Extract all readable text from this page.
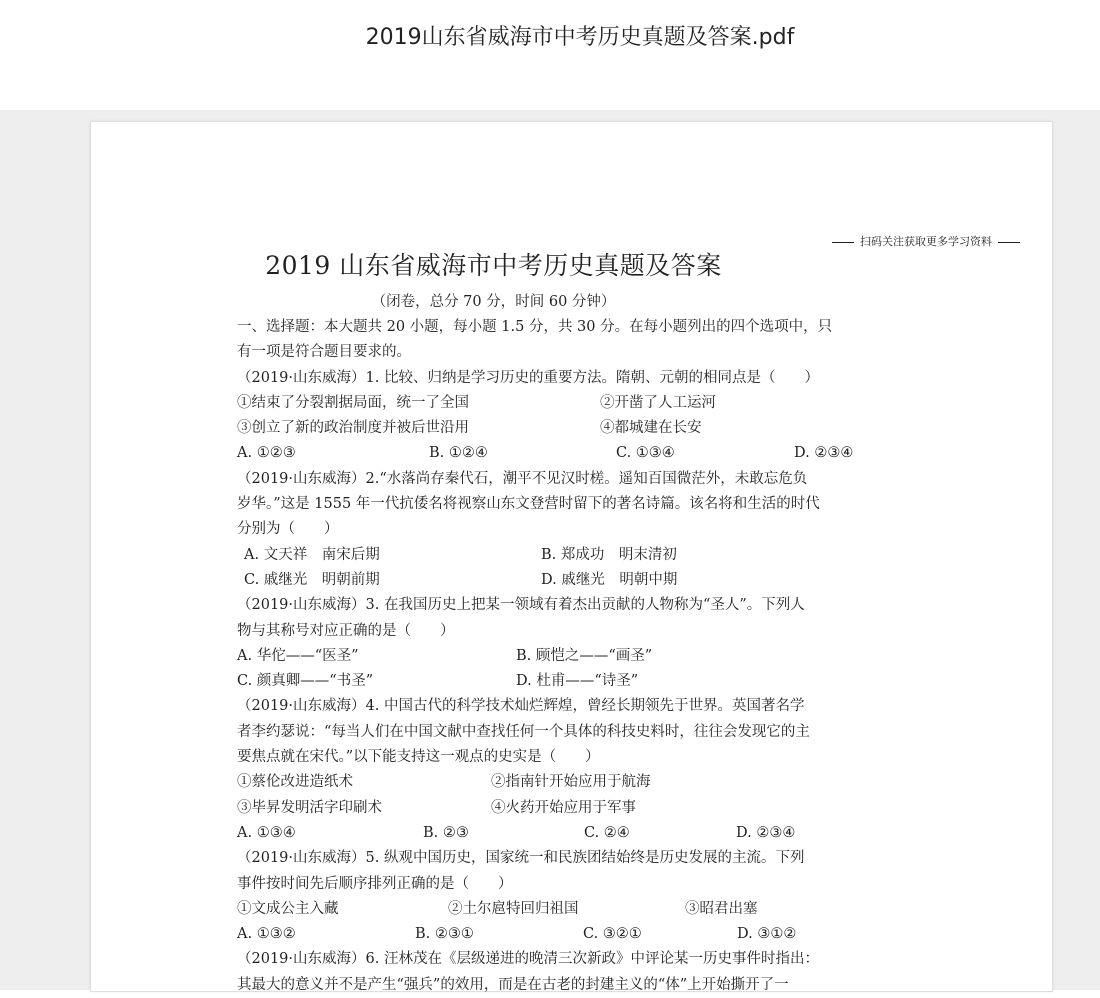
2019山东省威海市中考历史真题及答案.pdf
扫码关注获取更多学习资料
2019 山东省威海市中考历史真题及答案
（闭卷，总分 70 分，时间 60 分钟）
一、选择题：本大题共 20 小题，每小题 1.5 分，共 30 分。在每小题列出的四个选项中，只
有一项是符合题目要求的。
（2019·山东威海）1. 比较、归纳是学习历史的重要方法。隋朝、元朝的相同点是（　　）
①结束了分裂割据局面，统一了全国	②开凿了人工运河
③创立了新的政治制度并被后世沿用	④都城建在长安
A. ①②③	B. ①②④	C. ①③④	D. ②③④
（2019·山东威海）2.“水落尚存秦代石，潮平不见汉时槎。遥知百国微茫外，未敢忘危负
岁华。”这是 1555 年一代抗倭名将视察山东文登营时留下的著名诗篇。该名将和生活的时代
分别为（　　）
A. 文天祥　南宋后期	B. 郑成功　明末清初
C. 戚继光　明朝前期	D. 戚继光　明朝中期
（2019·山东威海）3. 在我国历史上把某一领域有着杰出贡献的人物称为“圣人”。下列人
物与其称号对应正确的是（　　）
A. 华佗——“医圣”	B. 顾恺之——“画圣”
C. 颜真卿——“书圣”	D. 杜甫——“诗圣”
（2019·山东威海）4. 中国古代的科学技术灿烂辉煌，曾经长期领先于世界。英国著名学
者李约瑟说：“每当人们在中国文献中查找任何一个具体的科技史料时，往往会发现它的主
要焦点就在宋代。”以下能支持这一观点的史实是（　　）
①蔡伦改进造纸术	②指南针开始应用于航海
③毕昇发明活字印刷术	④火药开始应用于军事
A. ①③④	B. ②③	C. ②④	D. ②③④
（2019·山东威海）5. 纵观中国历史，国家统一和民族团结始终是历史发展的主流。下列
事件按时间先后顺序排列正确的是（　　）
①文成公主入藏	②土尔扈特回归祖国	③昭君出塞
A. ①③②	B. ②③①	C. ③②①	D. ③①②
（2019·山东威海）6. 汪林茂在《层级递进的晚清三次新政》中评论某一历史事件时指出：
其最大的意义并不是产生“强兵”的效用，而是在古老的封建主义的“体”上开始撕开了一
